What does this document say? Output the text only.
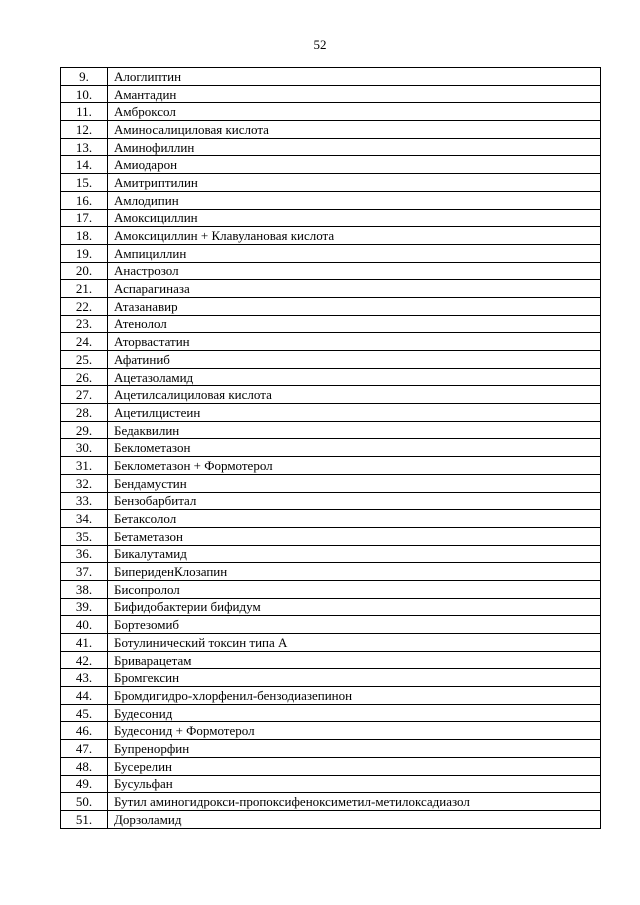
52
9.	Алоглиптин
10.	Амантадин
11.	Амброксол
12.	Аминосалициловая кислота
13.	Аминофиллин
14.	Амиодарон
15.	Амитриптилин
16.	Амлодипин
17.	Амоксициллин
18.	Амоксициллин + Клавулановая кислота
19.	Ампициллин
20.	Анастрозол
21.	Аспарагиназа
22.	Атазанавир
23.	Атенолол
24.	Аторвастатин
25.	Афатиниб
26.	Ацетазоламид
27.	Ацетилсалициловая кислота
28.	Ацетилцистеин
29.	Бедаквилин
30.	Беклометазон
31.	Беклометазон + Формотерол
32.	Бендамустин
33.	Бензобарбитал
34.	Бетаксолол
35.	Бетаметазон
36.	Бикалутамид
37.	БипериденКлозапин
38.	Бисопролол
39.	Бифидобактерии бифидум
40.	Бортезомиб
41.	Ботулинический токсин типа А
42.	Бриварацетам
43.	Бромгексин
44.	Бромдигидро-хлорфенил-бензодиазепинон
45.	Будесонид
46.	Будесонид + Формотерол
47.	Бупренорфин
48.	Бусерелин
49.	Бусульфан
50.	Бутил аминогидрокси-пропоксифеноксиметил-метилоксадиазол
51.	Дорзоламид
